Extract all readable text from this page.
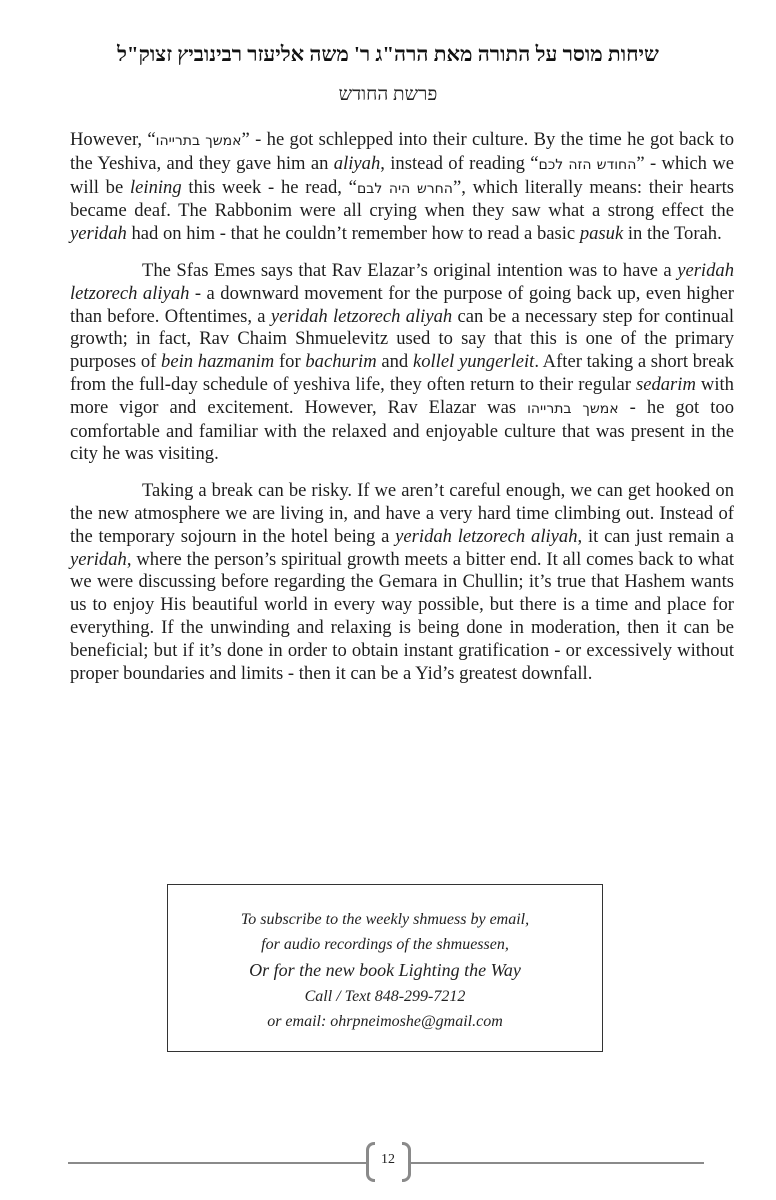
שיחות מוסר על התורה מאת הרה"ג ר' משה אליעזר רבינוביץ זצוק"ל
פרשת החודש

However, “אמשך בתרייהו” - he got schlepped into their culture. By the time he got back to the Yeshiva, and they gave him an aliyah, instead of reading “החודש הזה לכם” - which we will be leining this week - he read, “החרש היה לבם”, which literally means: their hearts became deaf. The Rabbonim were all crying when they saw what a strong effect the yeridah had on him - that he couldn’t remember how to read a basic pasuk in the Torah.

The Sfas Emes says that Rav Elazar’s original intention was to have a yeridah letzorech aliyah - a downward movement for the purpose of going back up, even higher than before. Oftentimes, a yeridah letzorech aliyah can be a necessary step for continual growth; in fact, Rav Chaim Shmuelevitz used to say that this is one of the primary purposes of bein hazmanim for bachurim and kollel yungerleit. After taking a short break from the full-day schedule of yeshiva life, they often return to their regular sedarim with more vigor and excitement. However, Rav Elazar was אמשך בתרייהו - he got too comfortable and familiar with the relaxed and enjoyable culture that was present in the city he was visiting.

Taking a break can be risky. If we aren’t careful enough, we can get hooked on the new atmosphere we are living in, and have a very hard time climbing out. Instead of the temporary sojourn in the hotel being a yeridah letzorech aliyah, it can just remain a yeridah, where the person’s spiritual growth meets a bitter end. It all comes back to what we were discussing before regarding the Gemara in Chullin; it’s true that Hashem wants us to enjoy His beautiful world in every way possible, but there is a time and place for everything. If the unwinding and relaxing is being done in moderation, then it can be beneficial; but if it’s done in order to obtain instant gratification - or excessively without proper boundaries and limits - then it can be a Yid’s greatest downfall.

To subscribe to the weekly shmuess by email,
for audio recordings of the shmuessen,
Or for the new book Lighting the Way
Call / Text 848-299-7212
or email: ohrpneimoshe@gmail.com
12
